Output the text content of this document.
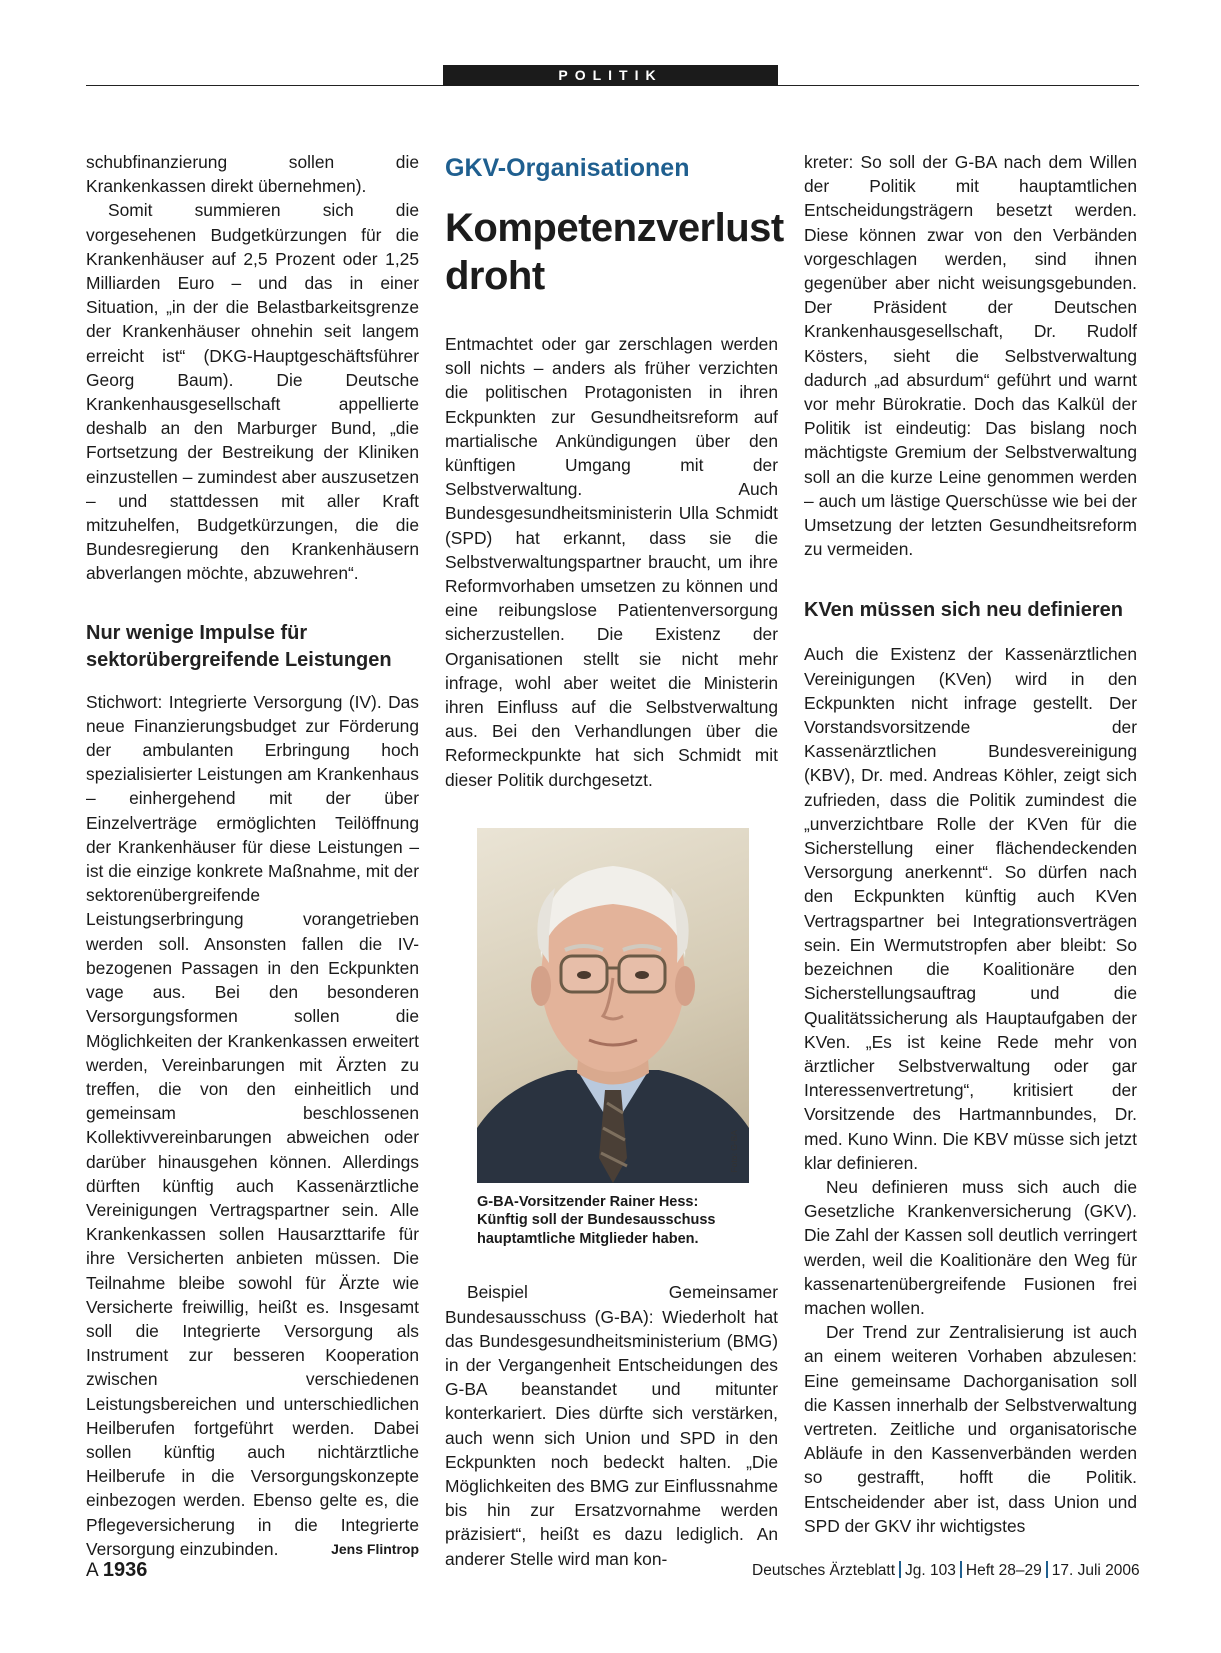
POLITIK

schubfinanzierung sollen die Krankenkassen direkt übernehmen).

Somit summieren sich die vorgesehenen Budgetkürzungen für die Krankenhäuser auf 2,5 Prozent oder 1,25 Milliarden Euro – und das in einer Situation, „in der die Belastbarkeitsgrenze der Krankenhäuser ohnehin seit langem erreicht ist“ (DKG-Hauptgeschäftsführer Georg Baum). Die Deutsche Krankenhausgesellschaft appellierte deshalb an den Marburger Bund, „die Fortsetzung der Bestreikung der Kliniken einzustellen – zumindest aber auszusetzen – und stattdessen mit aller Kraft mitzuhelfen, Budgetkürzungen, die die Bundesregierung den Krankenhäusern abverlangen möchte, abzuwehren“.

Nur wenige Impulse für sektorübergreifende Leistungen

Stichwort: Integrierte Versorgung (IV). Das neue Finanzierungsbudget zur Förderung der ambulanten Erbringung hoch spezialisierter Leistungen am Krankenhaus – einhergehend mit der über Einzelverträge ermöglichten Teilöffnung der Krankenhäuser für diese Leistungen – ist die einzige konkrete Maßnahme, mit der sektorenübergreifende Leistungserbringung vorangetrieben werden soll. Ansonsten fallen die IV-bezogenen Passagen in den Eckpunkten vage aus. Bei den besonderen Versorgungsformen sollen die Möglichkeiten der Krankenkassen erweitert werden, Vereinbarungen mit Ärzten zu treffen, die von den einheitlich und gemeinsam beschlossenen Kollektivvereinbarungen abweichen oder darüber hinausgehen können. Allerdings dürften künftig auch Kassenärztliche Vereinigungen Vertragspartner sein. Alle Krankenkassen sollen Hausarzttarife für ihre Versicherten anbieten müssen. Die Teilnahme bleibe sowohl für Ärzte wie Versicherte freiwillig, heißt es. Insgesamt soll die Integrierte Versorgung als Instrument zur besseren Kooperation zwischen verschiedenen Leistungsbereichen und unterschiedlichen Heilberufen fortgeführt werden. Dabei sollen künftig auch nichtärztliche Heilberufe in die Versorgungskonzepte einbezogen werden. Ebenso gelte es, die Pflegeversicherung in die Integrierte Versorgung einzubinden.	Jens Flintrop

GKV-Organisationen
Kompetenzverlust droht

Entmachtet oder gar zerschlagen werden soll nichts – anders als früher verzichten die politischen Protagonisten in ihren Eckpunkten zur Gesundheitsreform auf martialische Ankündigungen über den künftigen Umgang mit der Selbstverwaltung. Auch Bundesgesundheitsministerin Ulla Schmidt (SPD) hat erkannt, dass sie die Selbstverwaltungspartner braucht, um ihre Reformvorhaben umsetzen zu können und eine reibungslose Patientenversorgung sicherzustellen. Die Existenz der Organisationen stellt sie nicht mehr infrage, wohl aber weitet die Ministerin ihren Einfluss auf die Selbstverwaltung aus. Bei den Verhandlungen über die Reformeckpunkte hat sich Schmidt mit dieser Politik durchgesetzt.

Foto: G-BA
G-BA-Vorsitzender Rainer Hess: Künftig soll der Bundesausschuss hauptamtliche Mitglieder haben.

Beispiel Gemeinsamer Bundesausschuss (G-BA): Wiederholt hat das Bundesgesundheitsministerium (BMG) in der Vergangenheit Entscheidungen des G-BA beanstandet und mitunter konterkariert. Dies dürfte sich verstärken, auch wenn sich Union und SPD in den Eckpunkten noch bedeckt halten. „Die Möglichkeiten des BMG zur Einflussnahme bis hin zur Ersatzvornahme werden präzisiert“, heißt es dazu lediglich. An anderer Stelle wird man kon-

kreter: So soll der G-BA nach dem Willen der Politik mit hauptamtlichen Entscheidungsträgern besetzt werden. Diese können zwar von den Verbänden vorgeschlagen werden, sind ihnen gegenüber aber nicht weisungsgebunden. Der Präsident der Deutschen Krankenhausgesellschaft, Dr. Rudolf Kösters, sieht die Selbstverwaltung dadurch „ad absurdum“ geführt und warnt vor mehr Bürokratie. Doch das Kalkül der Politik ist eindeutig: Das bislang noch mächtigste Gremium der Selbstverwaltung soll an die kurze Leine genommen werden – auch um lästige Querschüsse wie bei der Umsetzung der letzten Gesundheitsreform zu vermeiden.

KVen müssen sich neu definieren

Auch die Existenz der Kassenärztlichen Vereinigungen (KVen) wird in den Eckpunkten nicht infrage gestellt. Der Vorstandsvorsitzende der Kassenärztlichen Bundesvereinigung (KBV), Dr. med. Andreas Köhler, zeigt sich zufrieden, dass die Politik zumindest die „unverzichtbare Rolle der KVen für die Sicherstellung einer flächendeckenden Versorgung anerkennt“. So dürfen nach den Eckpunkten künftig auch KVen Vertragspartner bei Integrationsverträgen sein. Ein Wermutstropfen aber bleibt: So bezeichnen die Koalitionäre den Sicherstellungsauftrag und die Qualitätssicherung als Hauptaufgaben der KVen. „Es ist keine Rede mehr von ärztlicher Selbstverwaltung oder gar Interessenvertretung“, kritisiert der Vorsitzende des Hartmannbundes, Dr. med. Kuno Winn. Die KBV müsse sich jetzt klar definieren.

Neu definieren muss sich auch die Gesetzliche Krankenversicherung (GKV). Die Zahl der Kassen soll deutlich verringert werden, weil die Koalitionäre den Weg für kassenartenübergreifende Fusionen frei machen wollen.

Der Trend zur Zentralisierung ist auch an einem weiteren Vorhaben abzulesen: Eine gemeinsame Dachorganisation soll die Kassen innerhalb der Selbstverwaltung vertreten. Zeitliche und organisatorische Abläufe in den Kassenverbänden werden so gestrafft, hofft die Politik. Entscheidender aber ist, dass Union und SPD der GKV ihr wichtigstes

A 1936	Deutsches Ärzteblatt Jg. 103 Heft 28–29 17. Juli 2006
